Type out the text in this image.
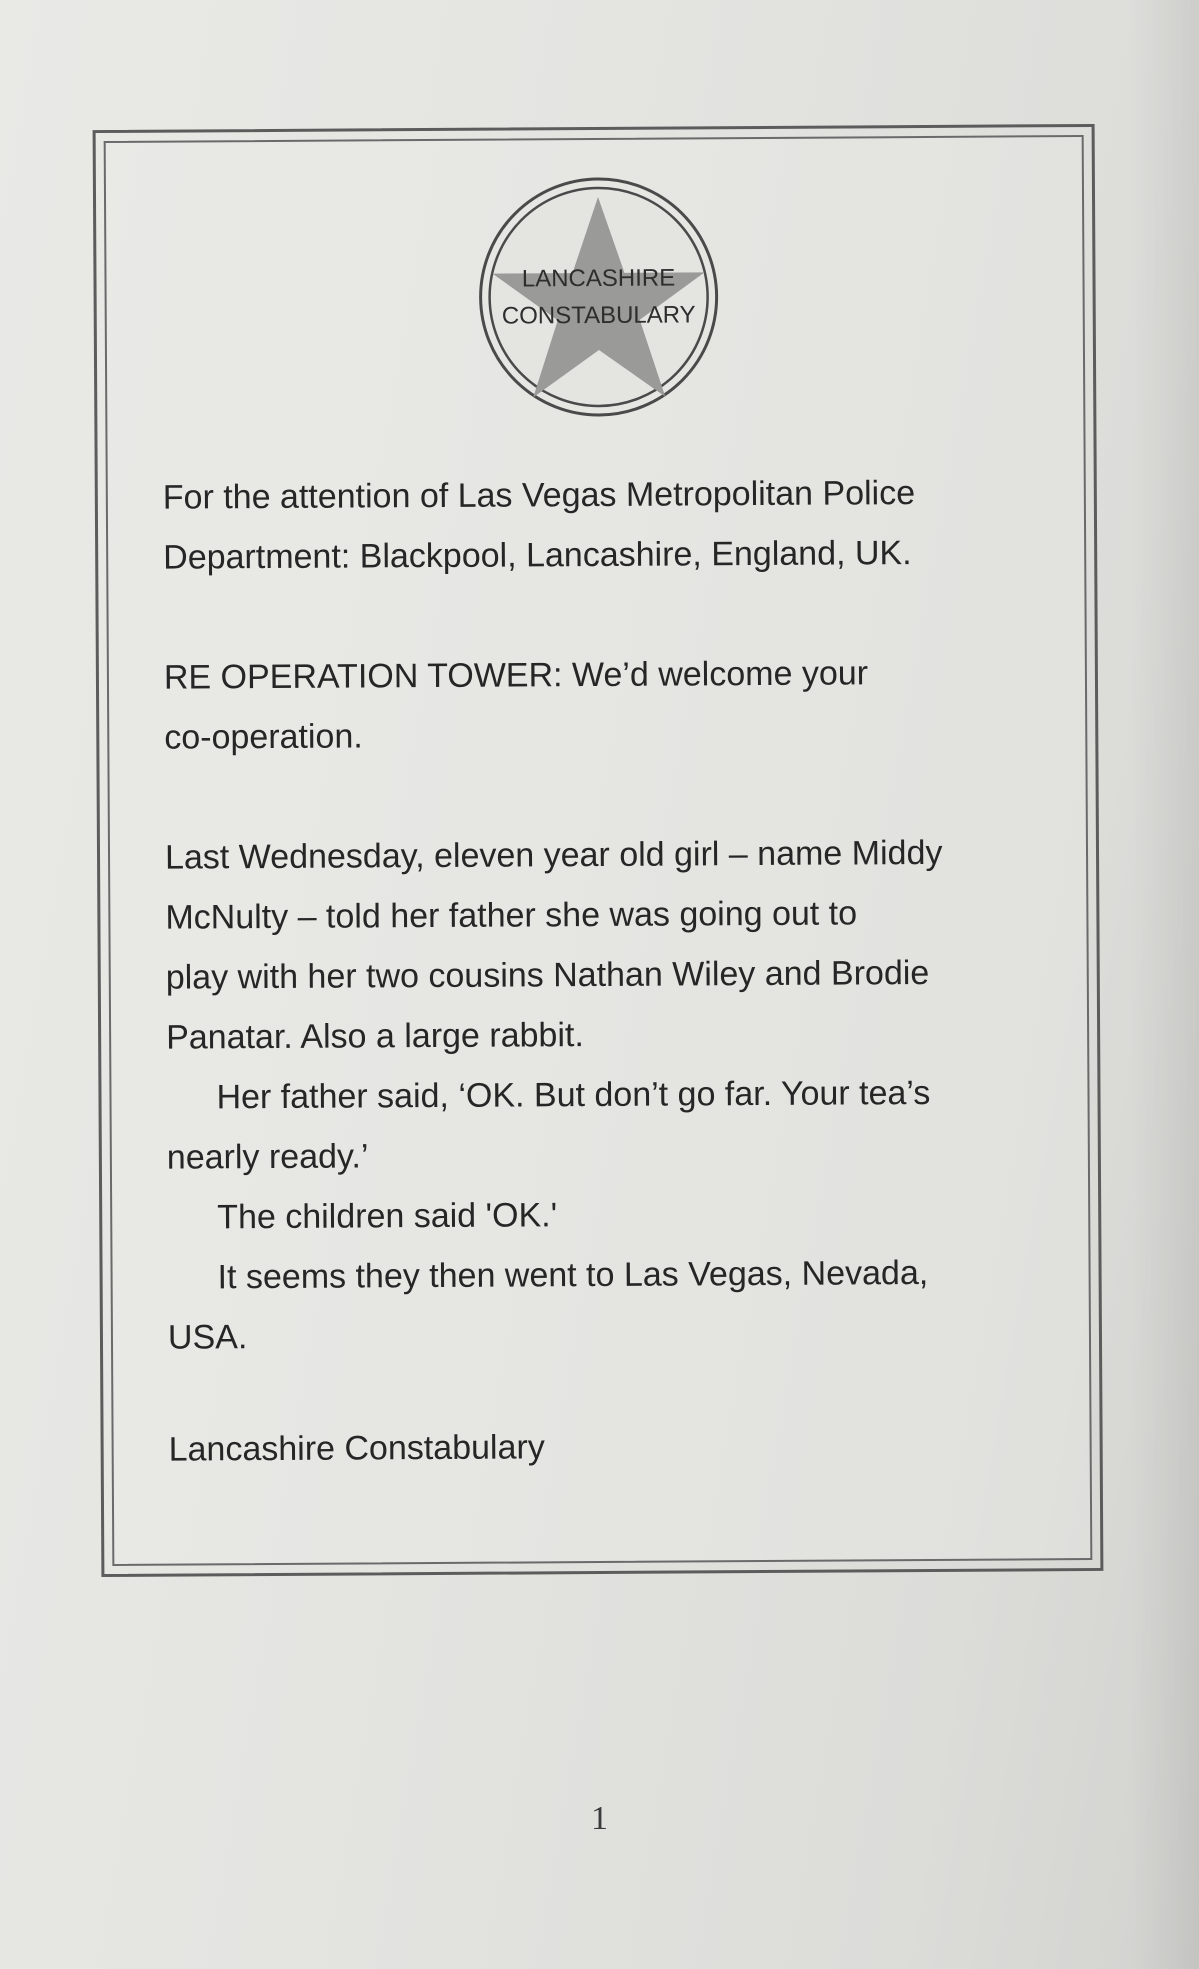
LANCASHIRE
CONSTABULARY

For the attention of Las Vegas Metropolitan Police

Department: Blackpool, Lancashire, England, UK.

RE OPERATION TOWER: We’d welcome your

co-operation.

Last Wednesday, eleven year old girl – name Middy

McNulty – told her father she was going out to

play with her two cousins Nathan Wiley and Brodie

Panatar. Also a large rabbit.

Her father said, ‘OK. But don’t go far. Your tea’s

nearly ready.’

The children said 'OK.'

It seems they then went to Las Vegas, Nevada,

USA.

Lancashire Constabulary

1
